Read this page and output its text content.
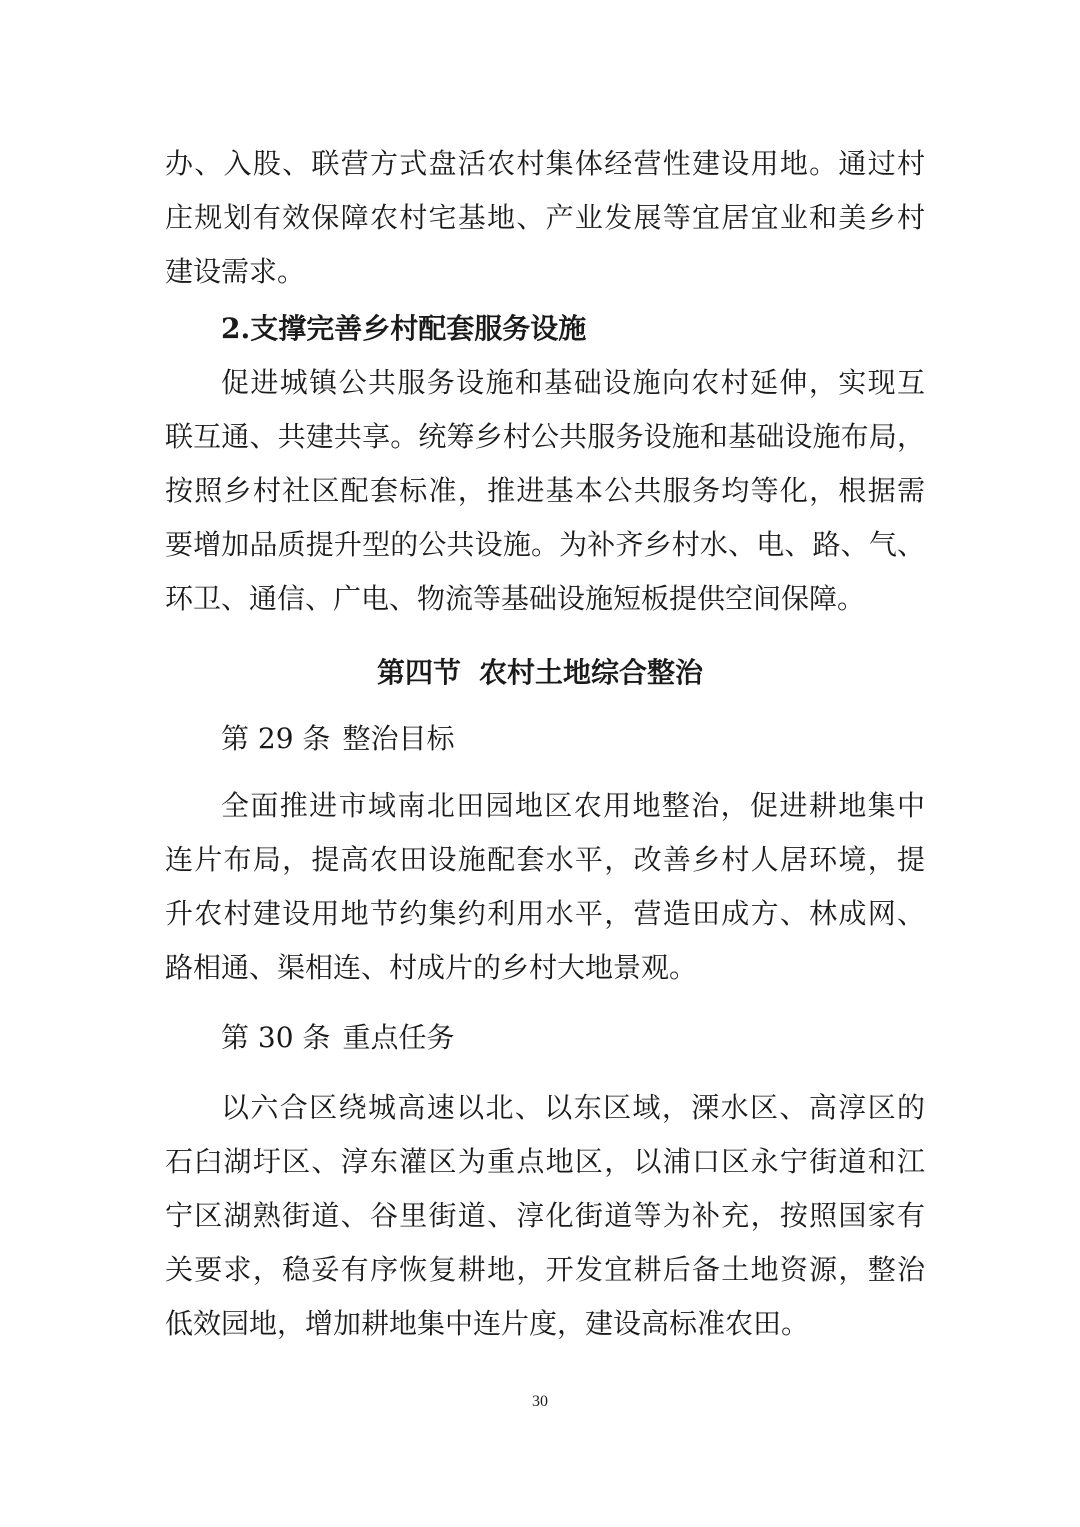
办、入股、联营方式盘活农村集体经营性建设用地。通过村
庄规划有效保障农村宅基地、产业发展等宜居宜业和美乡村
建设需求。
2.支撑完善乡村配套服务设施
促进城镇公共服务设施和基础设施向农村延伸，实现互
联互通、共建共享。统筹乡村公共服务设施和基础设施布局，
按照乡村社区配套标准，推进基本公共服务均等化，根据需
要增加品质提升型的公共设施。为补齐乡村水、电、路、气、
环卫、通信、广电、物流等基础设施短板提供空间保障。
第四节 农村土地综合整治
第 29 条 整治目标
全面推进市域南北田园地区农用地整治，促进耕地集中
连片布局，提高农田设施配套水平，改善乡村人居环境，提
升农村建设用地节约集约利用水平，营造田成方、林成网、
路相通、渠相连、村成片的乡村大地景观。
第 30 条 重点任务
以六合区绕城高速以北、以东区域，溧水区、高淳区的
石臼湖圩区、淳东灌区为重点地区，以浦口区永宁街道和江
宁区湖熟街道、谷里街道、淳化街道等为补充，按照国家有
关要求，稳妥有序恢复耕地，开发宜耕后备土地资源，整治
低效园地，增加耕地集中连片度，建设高标准农田。
30
